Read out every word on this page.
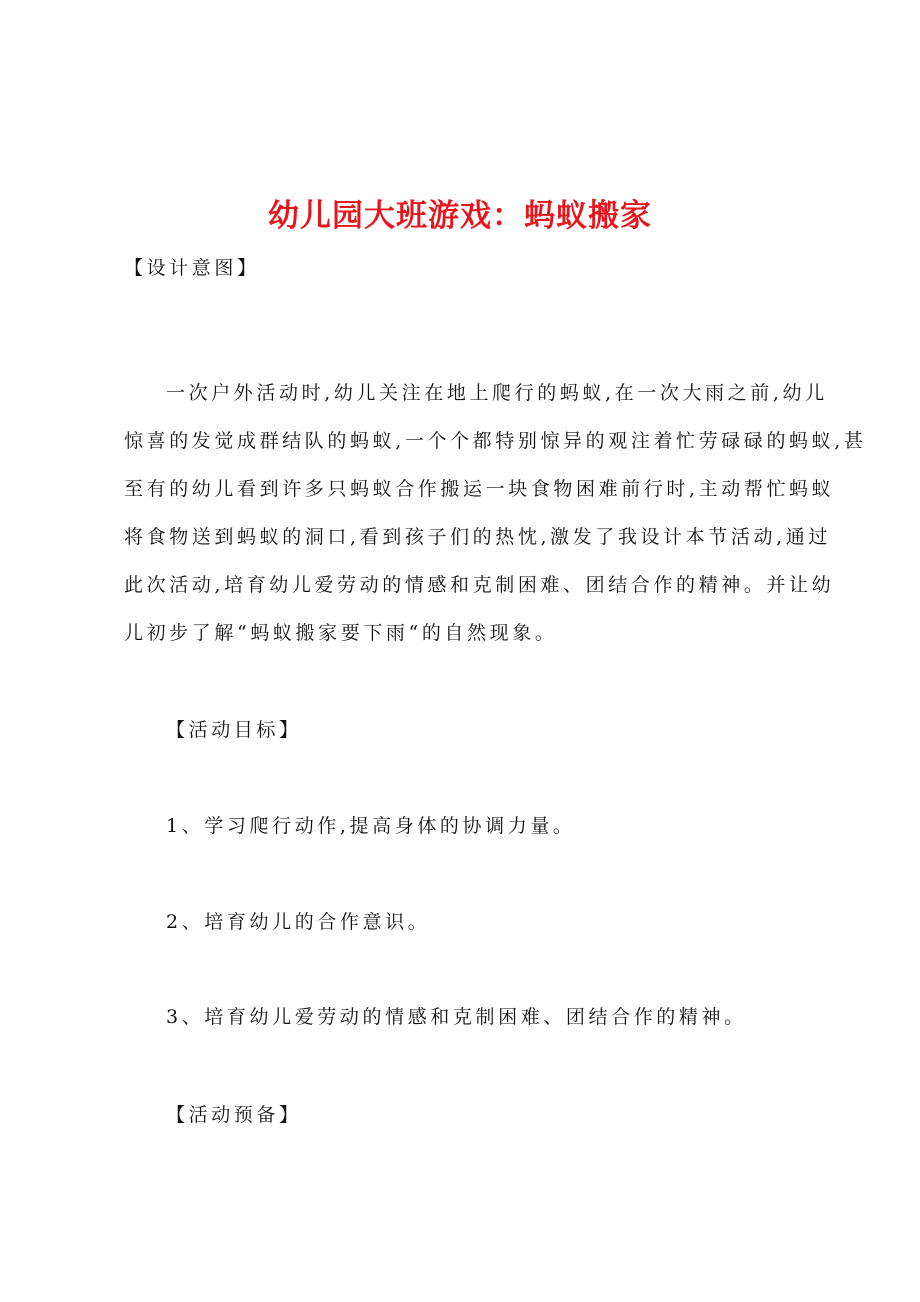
幼儿园大班游戏：蚂蚁搬家
【设计意图】
一次户外活动时,幼儿关注在地上爬行的蚂蚁,在一次大雨之前,幼儿
惊喜的发觉成群结队的蚂蚁,一个个都特别惊异的观注着忙劳碌碌的蚂蚁,甚
至有的幼儿看到许多只蚂蚁合作搬运一块食物困难前行时,主动帮忙蚂蚁
将食物送到蚂蚁的洞口,看到孩子们的热忱,激发了我设计本节活动,通过
此次活动,培育幼儿爱劳动的情感和克制困难、团结合作的精神。并让幼
儿初步了解“蚂蚁搬家要下雨“的自然现象。
【活动目标】
1、学习爬行动作,提高身体的协调力量。
2、培育幼儿的合作意识。
3、培育幼儿爱劳动的情感和克制困难、团结合作的精神。
【活动预备】
